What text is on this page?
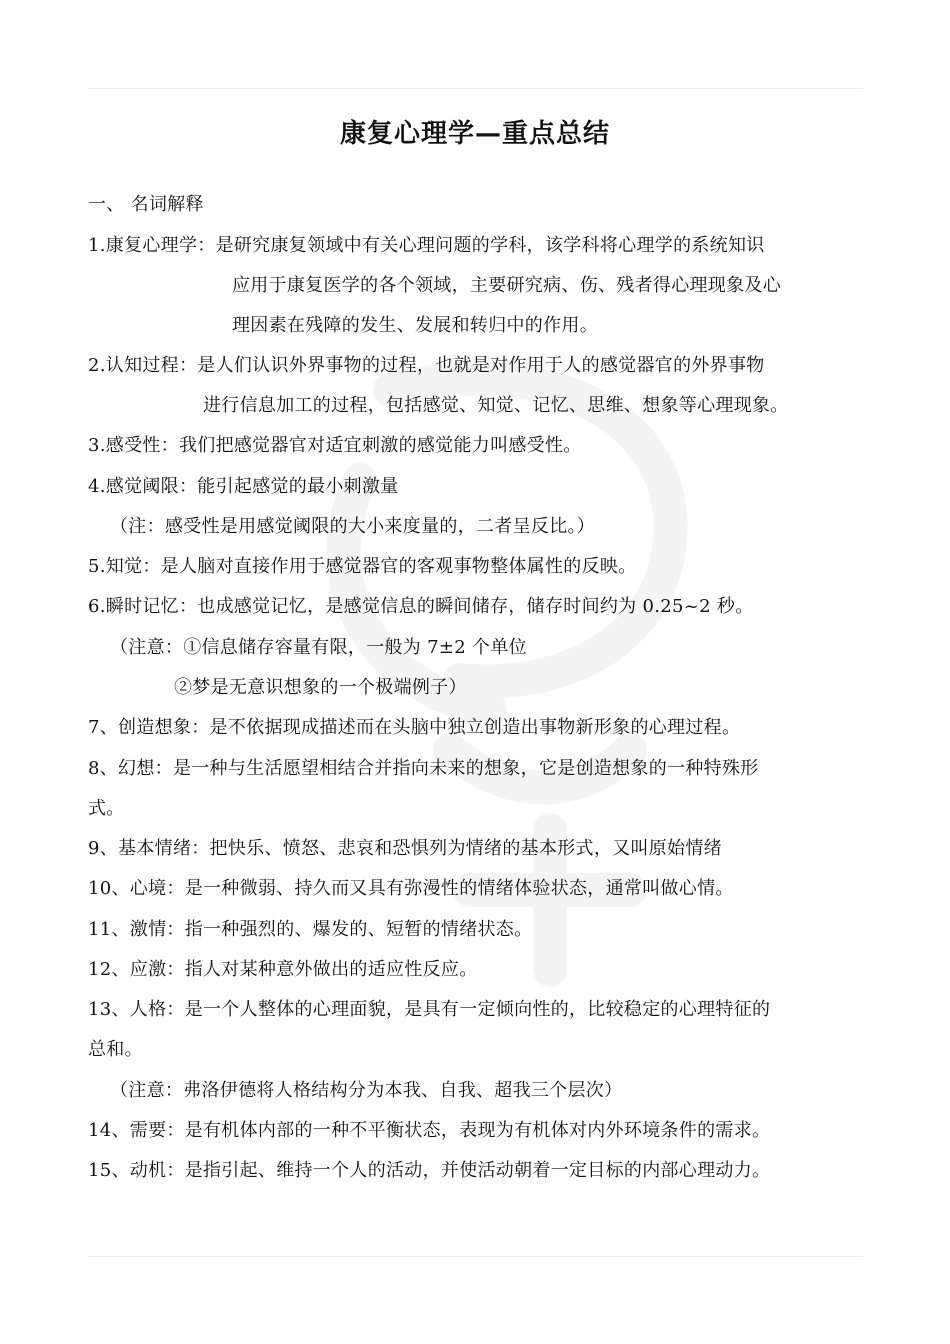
康复心理学—重点总结
一、 名词解释
1.康复心理学：是研究康复领域中有关心理问题的学科，该学科将心理学的系统知识
应用于康复医学的各个领域，主要研究病、伤、残者得心理现象及心
理因素在残障的发生、发展和转归中的作用。
2.认知过程：是人们认识外界事物的过程，也就是对作用于人的感觉器官的外界事物
进行信息加工的过程，包括感觉、知觉、记忆、思维、想象等心理现象。
3.感受性：我们把感觉器官对适宜刺激的感觉能力叫感受性。
4.感觉阈限：能引起感觉的最小刺激量
（注：感受性是用感觉阈限的大小来度量的，二者呈反比。）
5.知觉：是人脑对直接作用于感觉器官的客观事物整体属性的反映。
6.瞬时记忆：也成感觉记忆，是感觉信息的瞬间储存，储存时间约为 0.25~2 秒。
（注意：①信息储存容量有限，一般为 7±2 个单位
②梦是无意识想象的一个极端例子）
7、创造想象：是不依据现成描述而在头脑中独立创造出事物新形象的心理过程。
8、幻想：是一种与生活愿望相结合并指向未来的想象，它是创造想象的一种特殊形
式。
9、基本情绪：把快乐、愤怒、悲哀和恐惧列为情绪的基本形式，又叫原始情绪
10、心境：是一种微弱、持久而又具有弥漫性的情绪体验状态，通常叫做心情。
11、激情：指一种强烈的、爆发的、短暂的情绪状态。
12、应激：指人对某种意外做出的适应性反应。
13、人格：是一个人整体的心理面貌，是具有一定倾向性的，比较稳定的心理特征的
总和。
（注意：弗洛伊德将人格结构分为本我、自我、超我三个层次）
14、需要：是有机体内部的一种不平衡状态，表现为有机体对内外环境条件的需求。
15、动机：是指引起、维持一个人的活动，并使活动朝着一定目标的内部心理动力。
